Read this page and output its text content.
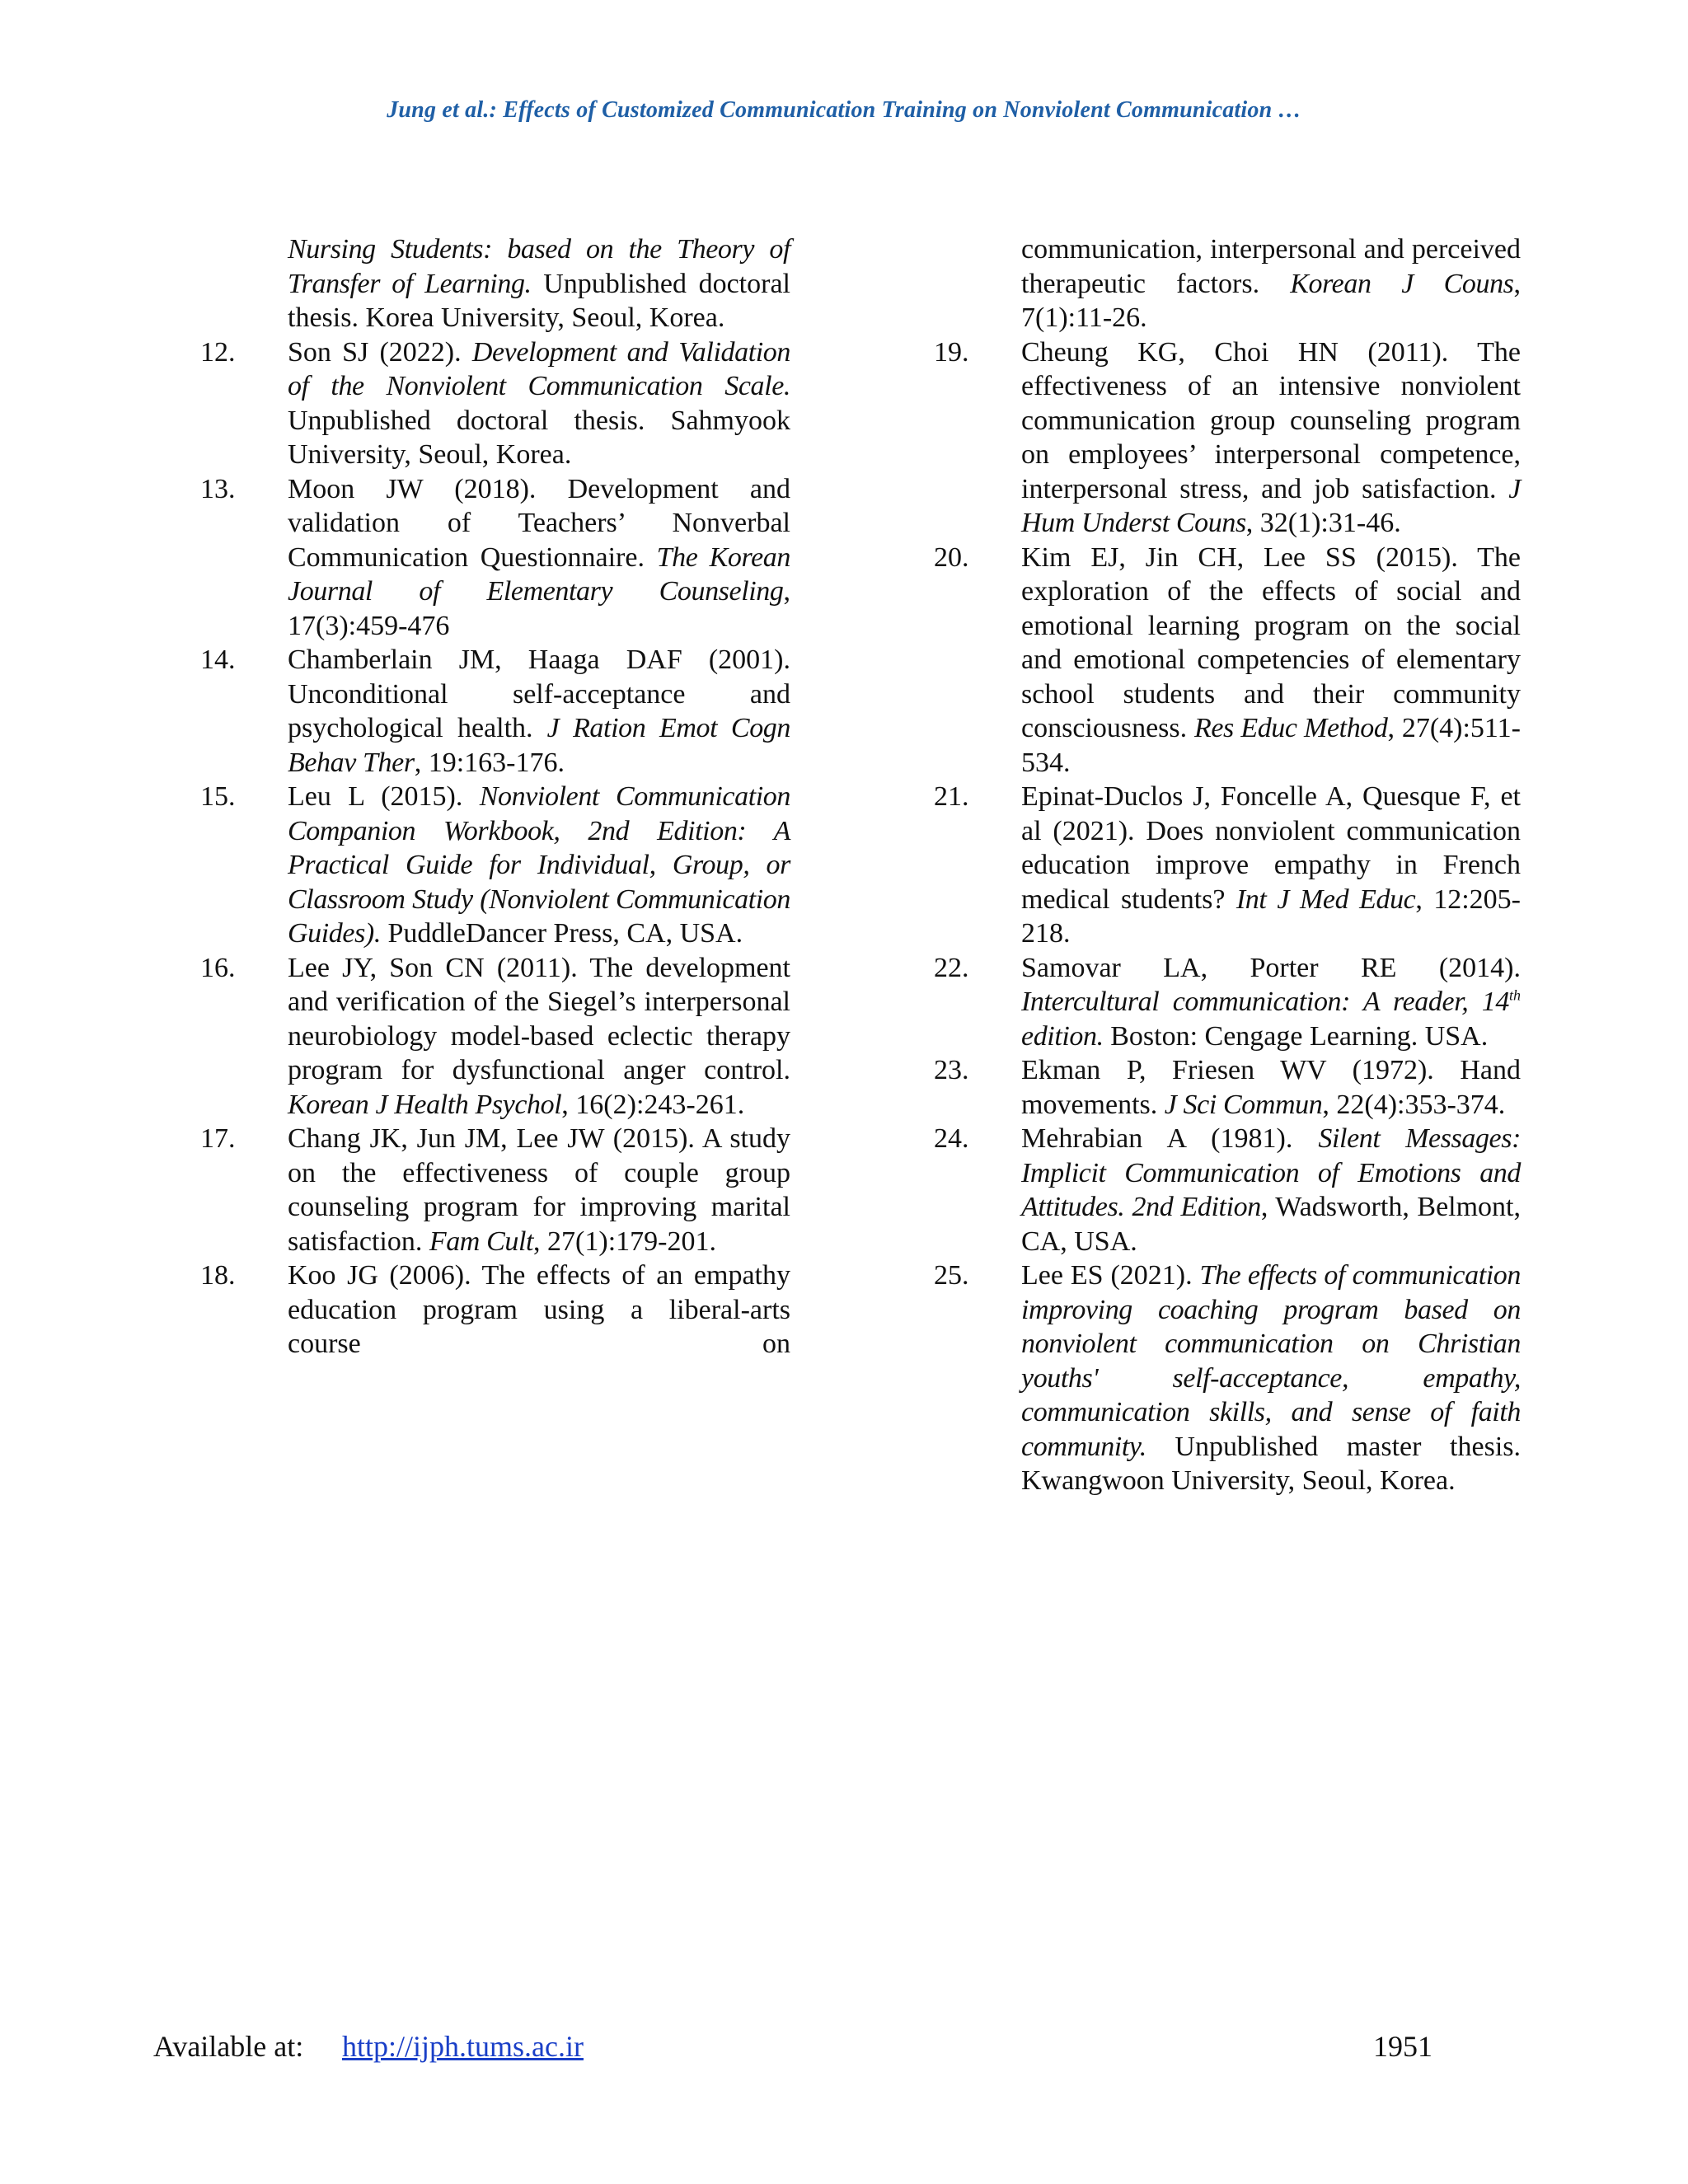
Jung et al.: Effects of Customized Communication Training on Nonviolent Communication …

Nursing Students: based on the Theory of Transfer of Learning. Unpublished doctoral thesis. Korea University, Seoul, Korea.

12. Son SJ (2022). Development and Validation of the Nonviolent Communication Scale. Unpublished doctoral thesis. Sahmyook University, Seoul, Korea.

13. Moon JW (2018). Development and validation of Teachers’ Nonverbal Communication Questionnaire. The Korean Journal of Elementary Counseling, 17(3):459-476

14. Chamberlain JM, Haaga DAF (2001). Unconditional self-acceptance and psychological health. J Ration Emot Cogn Behav Ther, 19:163-176.

15. Leu L (2015). Nonviolent Communication Companion Workbook, 2nd Edition: A Practical Guide for Individual, Group, or Classroom Study (Nonviolent Communication Guides). PuddleDancer Press, CA, USA.

16. Lee JY, Son CN (2011). The development and verification of the Siegel’s interpersonal neurobiology model-based eclectic therapy program for dysfunctional anger control. Korean J Health Psychol, 16(2):243-261.

17. Chang JK, Jun JM, Lee JW (2015). A study on the effectiveness of couple group counseling program for improving marital satisfaction. Fam Cult, 27(1):179-201.

18. Koo JG (2006). The effects of an empathy education program using a liberal-arts course on

communication, interpersonal and perceived therapeutic factors. Korean J Couns, 7(1):11-26.

19. Cheung KG, Choi HN (2011). The effectiveness of an intensive nonviolent communication group counseling program on employees’ interpersonal competence, interpersonal stress, and job satisfaction. J Hum Underst Couns, 32(1):31-46.

20. Kim EJ, Jin CH, Lee SS (2015). The exploration of the effects of social and emotional learning program on the social and emotional competencies of elementary school students and their community consciousness. Res Educ Method, 27(4):511-534.

21. Epinat-Duclos J, Foncelle A, Quesque F, et al (2021). Does nonviolent communication education improve empathy in French medical students? Int J Med Educ, 12:205-218.

22. Samovar LA, Porter RE (2014). Intercultural communication: A reader, 14th edition. Boston: Cengage Learning. USA.

23. Ekman P, Friesen WV (1972). Hand movements. J Sci Commun, 22(4):353-374.

24. Mehrabian A (1981). Silent Messages: Implicit Communication of Emotions and Attitudes. 2nd Edition, Wadsworth, Belmont, CA, USA.

25. Lee ES (2021). The effects of communication improving coaching program based on nonviolent communication on Christian youths' self-acceptance, empathy, communication skills, and sense of faith community. Unpublished master thesis. Kwangwoon University, Seoul, Korea.

Available at: http://ijph.tums.ac.ir	1951
